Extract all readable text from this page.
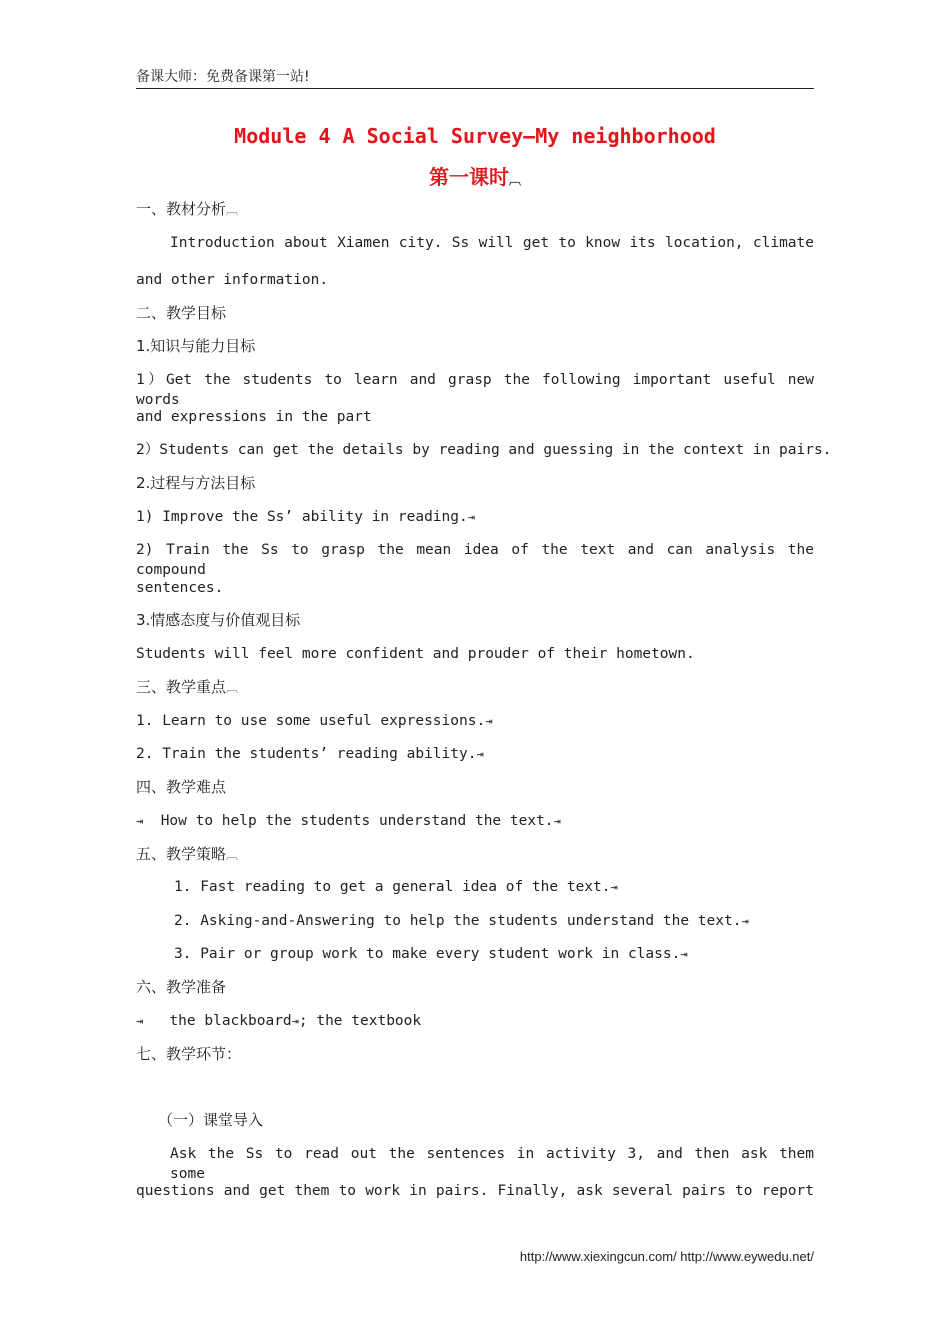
备课大师：免费备课第一站!
Module 4 A Social Survey—My neighborhood
第一课时︹
一、教材分析︹
Introduction about Xiamen city. Ss will get to know its location, climate
and other information.
二、教学目标
1.知识与能力目标
1）Get the students to learn and grasp the following important useful new words
and expressions in the part
2）Students can get the details by reading and guessing in the context in pairs.
2.过程与方法目标
1) Improve the Ss’ ability in reading.⇥
2) Train the Ss to grasp the mean idea of the text and can analysis the compound
sentences.
3.情感态度与价值观目标
Students will feel more confident and prouder of their hometown.
三、教学重点︹
1. Learn to use some useful expressions.⇥
2. Train the students’ reading ability.⇥
四、教学难点
⇥ How to help the students understand the text.⇥
五、教学策略︹
1. Fast reading to get a general idea of the text.⇥
2. Asking-and-Answering to help the students understand the text.⇥
3. Pair or group work to make every student work in class.⇥
六、教学准备
⇥ the blackboard⇥; the textbook
七、教学环节：
（一）课堂导入
Ask the Ss to read out the sentences in activity 3, and then ask them some
questions and get them to work in pairs. Finally, ask several pairs to report
http://www.xiexingcun.com/ http://www.eywedu.net/
